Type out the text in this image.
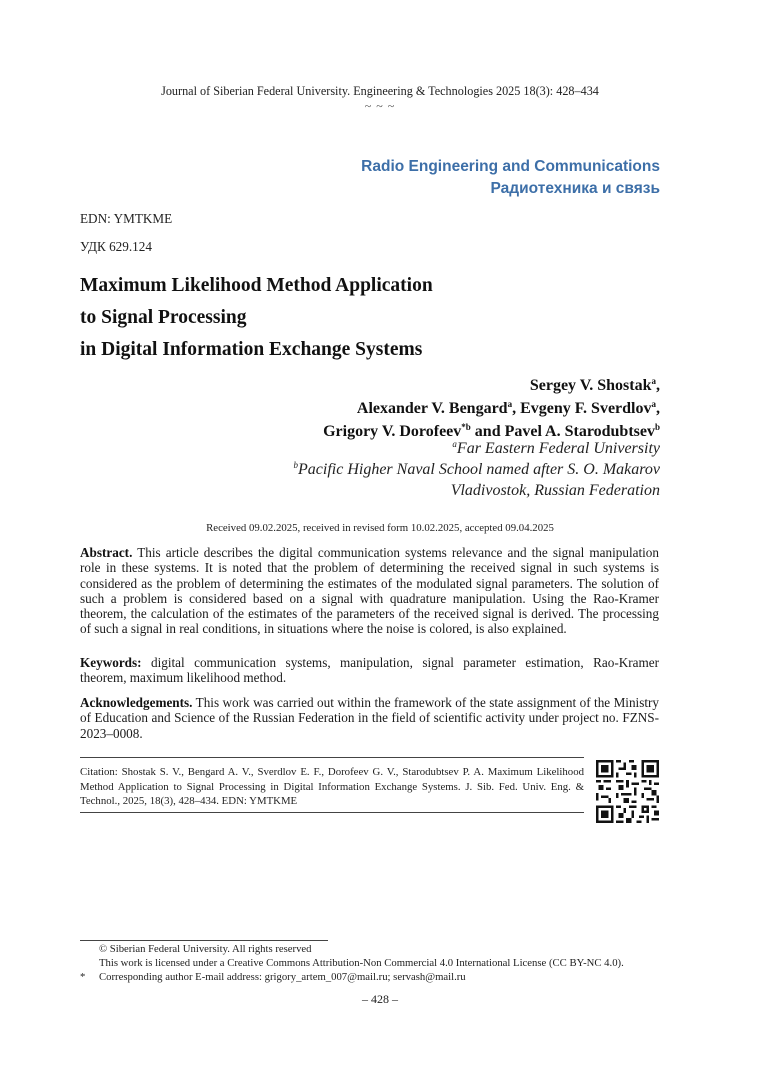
Journal of Siberian Federal University. Engineering & Technologies 2025 18(3): 428–434
~ ~ ~
Radio Engineering and Communications
Радиотехника и связь
EDN: YMTKME
УДК 629.124
Maximum Likelihood Method Application
to Signal Processing
in Digital Information Exchange Systems
Sergey V. Shostak$^a$,
Alexander V. Bengard$^a$, Evgeny F. Sverdlov$^a$,
Grigory V. Dorofeev$^{*b}$ and Pavel A. Starodubtsev$^b$
$^a$Far Eastern Federal University
$^b$Pacific Higher Naval School named after S. O. Makarov
Vladivostok, Russian Federation
Received 09.02.2025, received in revised form 10.02.2025, accepted 09.04.2025
Abstract. This article describes the digital communication systems relevance and the signal manipulation role in these systems. It is noted that the problem of determining the received signal in such systems is considered as the problem of determining the estimates of the modulated signal parameters. The solution of such a problem is considered based on a signal with quadrature manipulation. Using the Rao-Kramer theorem, the calculation of the estimates of the parameters of the received signal is derived. The processing of such a signal in real conditions, in situations where the noise is colored, is also explained.
Keywords: digital communication systems, manipulation, signal parameter estimation, Rao-Kramer theorem, maximum likelihood method.
Acknowledgements. This work was carried out within the framework of the state assignment of the Ministry of Education and Science of the Russian Federation in the field of scientific activity under project no. FZNS-2023–0008.
Citation: Shostak S. V., Bengard A. V., Sverdlov E. F., Dorofeev G. V., Starodubtsev P. A. Maximum Likelihood Method Application to Signal Processing in Digital Information Exchange Systems. J. Sib. Fed. Univ. Eng. & Technol., 2025, 18(3), 428–434. EDN: YMTKME
© Siberian Federal University. All rights reserved
This work is licensed under a Creative Commons Attribution-Non Commercial 4.0 International License (CC BY-NC 4.0).
* Corresponding author E-mail address: grigory_artem_007@mail.ru; servash@mail.ru
– 428 –
